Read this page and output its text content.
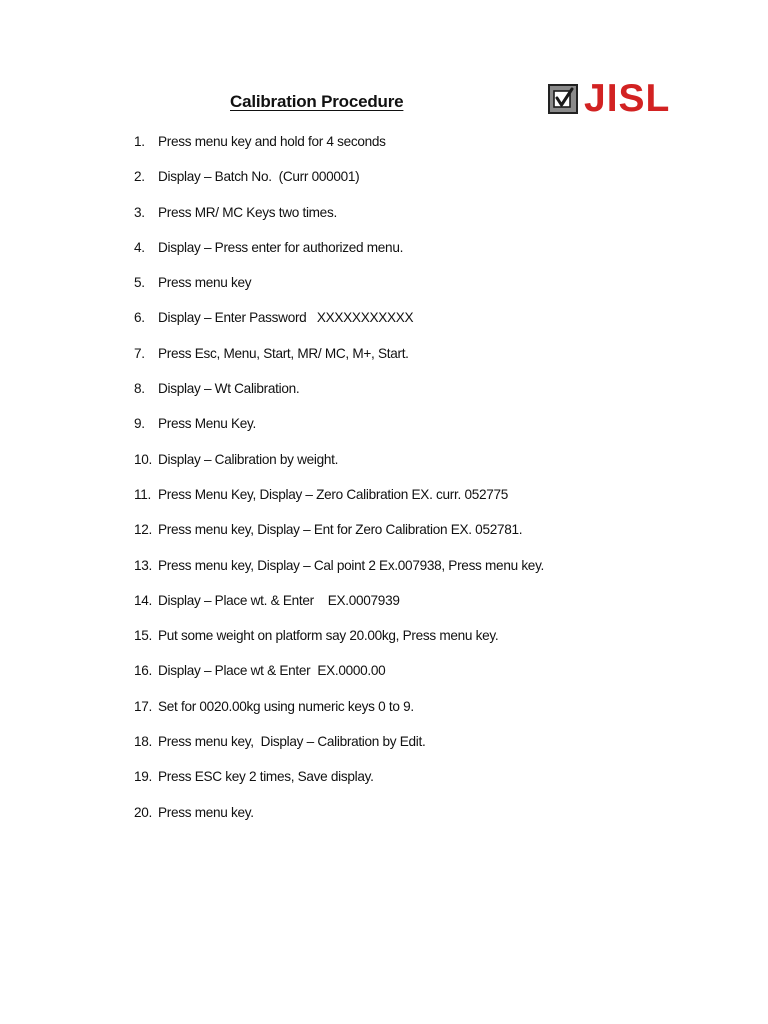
Calibration Procedure	JISL
1. Press menu key and hold for 4 seconds
2. Display – Batch No.  (Curr 000001)
3. Press MR/ MC Keys two times.
4. Display – Press enter for authorized menu.
5. Press menu key
6. Display – Enter Password   XXXXXXXXXXX
7. Press Esc, Menu, Start, MR/ MC, M+, Start.
8. Display – Wt Calibration.
9. Press Menu Key.
10. Display – Calibration by weight.
11. Press Menu Key, Display – Zero Calibration EX. curr. 052775
12. Press menu key, Display – Ent for Zero Calibration EX. 052781.
13. Press menu key, Display – Cal point 2 Ex.007938, Press menu key.
14. Display – Place wt. & Enter    EX.0007939
15. Put some weight on platform say 20.00kg, Press menu key.
16. Display – Place wt & Enter  EX.0000.00
17. Set for 0020.00kg using numeric keys 0 to 9.
18. Press menu key,  Display – Calibration by Edit.
19. Press ESC key 2 times, Save display.
20. Press menu key.
